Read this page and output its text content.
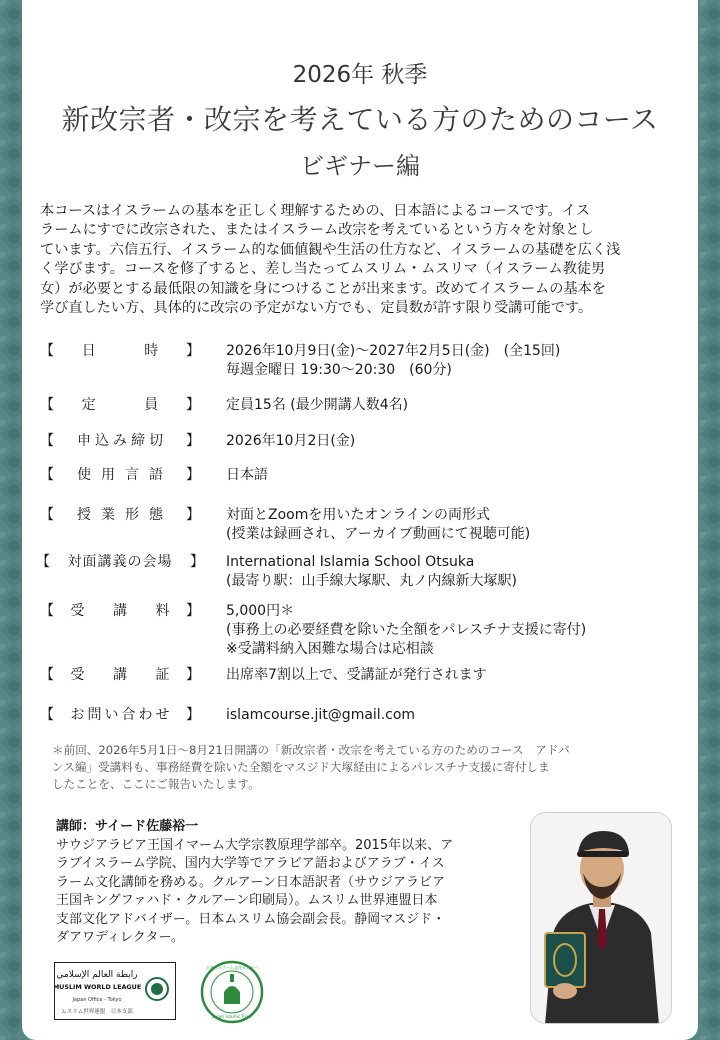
2026年 秋季
新改宗者・改宗を考えている方のためのコース
ビギナー編
本コースはイスラームの基本を正しく理解するための、日本語によるコースです。イス
ラームにすでに改宗された、またはイスラーム改宗を考えているという方々を対象とし
ています。六信五行、イスラーム的な価値観や生活の仕方など、イスラームの基礎を広く浅
く学びます。コースを修了すると、差し当たってムスリム・ムスリマ（イスラーム教徒男
女）が必要とする最低限の知識を身につけることが出来ます。改めてイスラームの基本を
学び直したい方、具体的に改宗の予定がない方でも、定員数が許す限り受講可能です。
【	日 時 】 2026年10月9日(金)～2027年2月5日(金)　(全15回)
毎週金曜日 19:30～20:30　(60分)
【	定 員 】 定員15名 (最少開講人数4名)
【	申込み締切	】 2026年10月2日(金)
【	使用言語 】 日本語
【	授業形態 】 対面とZoomを用いたオンラインの両形式
(授業は録画され、アーカイブ動画にて視聴可能)
【	対面講義の会場	】 International Islamia School Otsuka
(最寄り駅：山手線大塚駅、丸ノ内線新大塚駅)
【	受 講 料 】 5,000円＊
(事務上の必要経費を除いた全額をパレスチナ支援に寄付)
※受講料納入困難な場合は応相談
【	受 講 証 】 出席率7割以上で、受講証が発行されます
【	お問い合わせ 】 islamcourse.jit@gmail.com
＊前回、2026年5月1日～8月21日開講の「新改宗者・改宗を考えている方のためのコース　アドバ
ンス編」受講料も、事務経費を除いた全額をマスジド大塚経由によるパレスチナ支援に寄付しま
したことを、ここにご報告いたします。
講師：サイード佐藤裕一
サウジアラビア王国イマーム大学宗教原理学部卒。2015年以来、ア
ラブイスラーム学院、国内大学等でアラビア語およびアラブ・イス
ラーム文化講師を務める。クルアーン日本語訳者（サウジアラビア
王国キングファハド・クルアーン印刷局）。ムスリム世界連盟日本
支部文化アドバイザー。日本ムスリム協会副会長。静岡マスジド・
ダアワディレクター。
رابطة العالم الإسلامي
MUSLIM WORLD LEAGUE
Japan Office - Tokyo
ムスリム世界連盟　日本支部
日本イスラーム文化センター
Japan Islamic Trust
